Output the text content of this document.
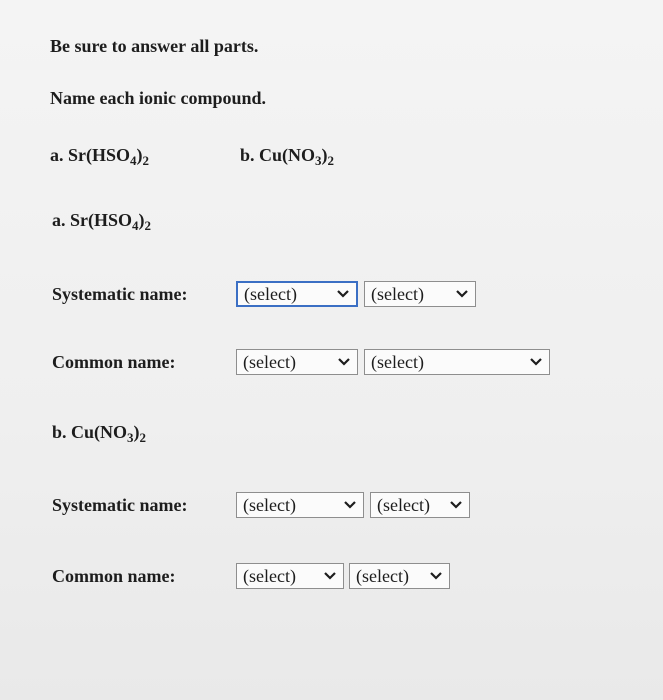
Be sure to answer all parts.
Name each ionic compound.
a. $Sr(HSO_4)_2$	b. $Cu(NO_3)_2$
a. $Sr(HSO_4)_2$
Systematic name:	(select)	(select)
Common name:	(select)	(select)
b. $Cu(NO_3)_2$
Systematic name:	(select)	(select)
Common name:	(select)	(select)
